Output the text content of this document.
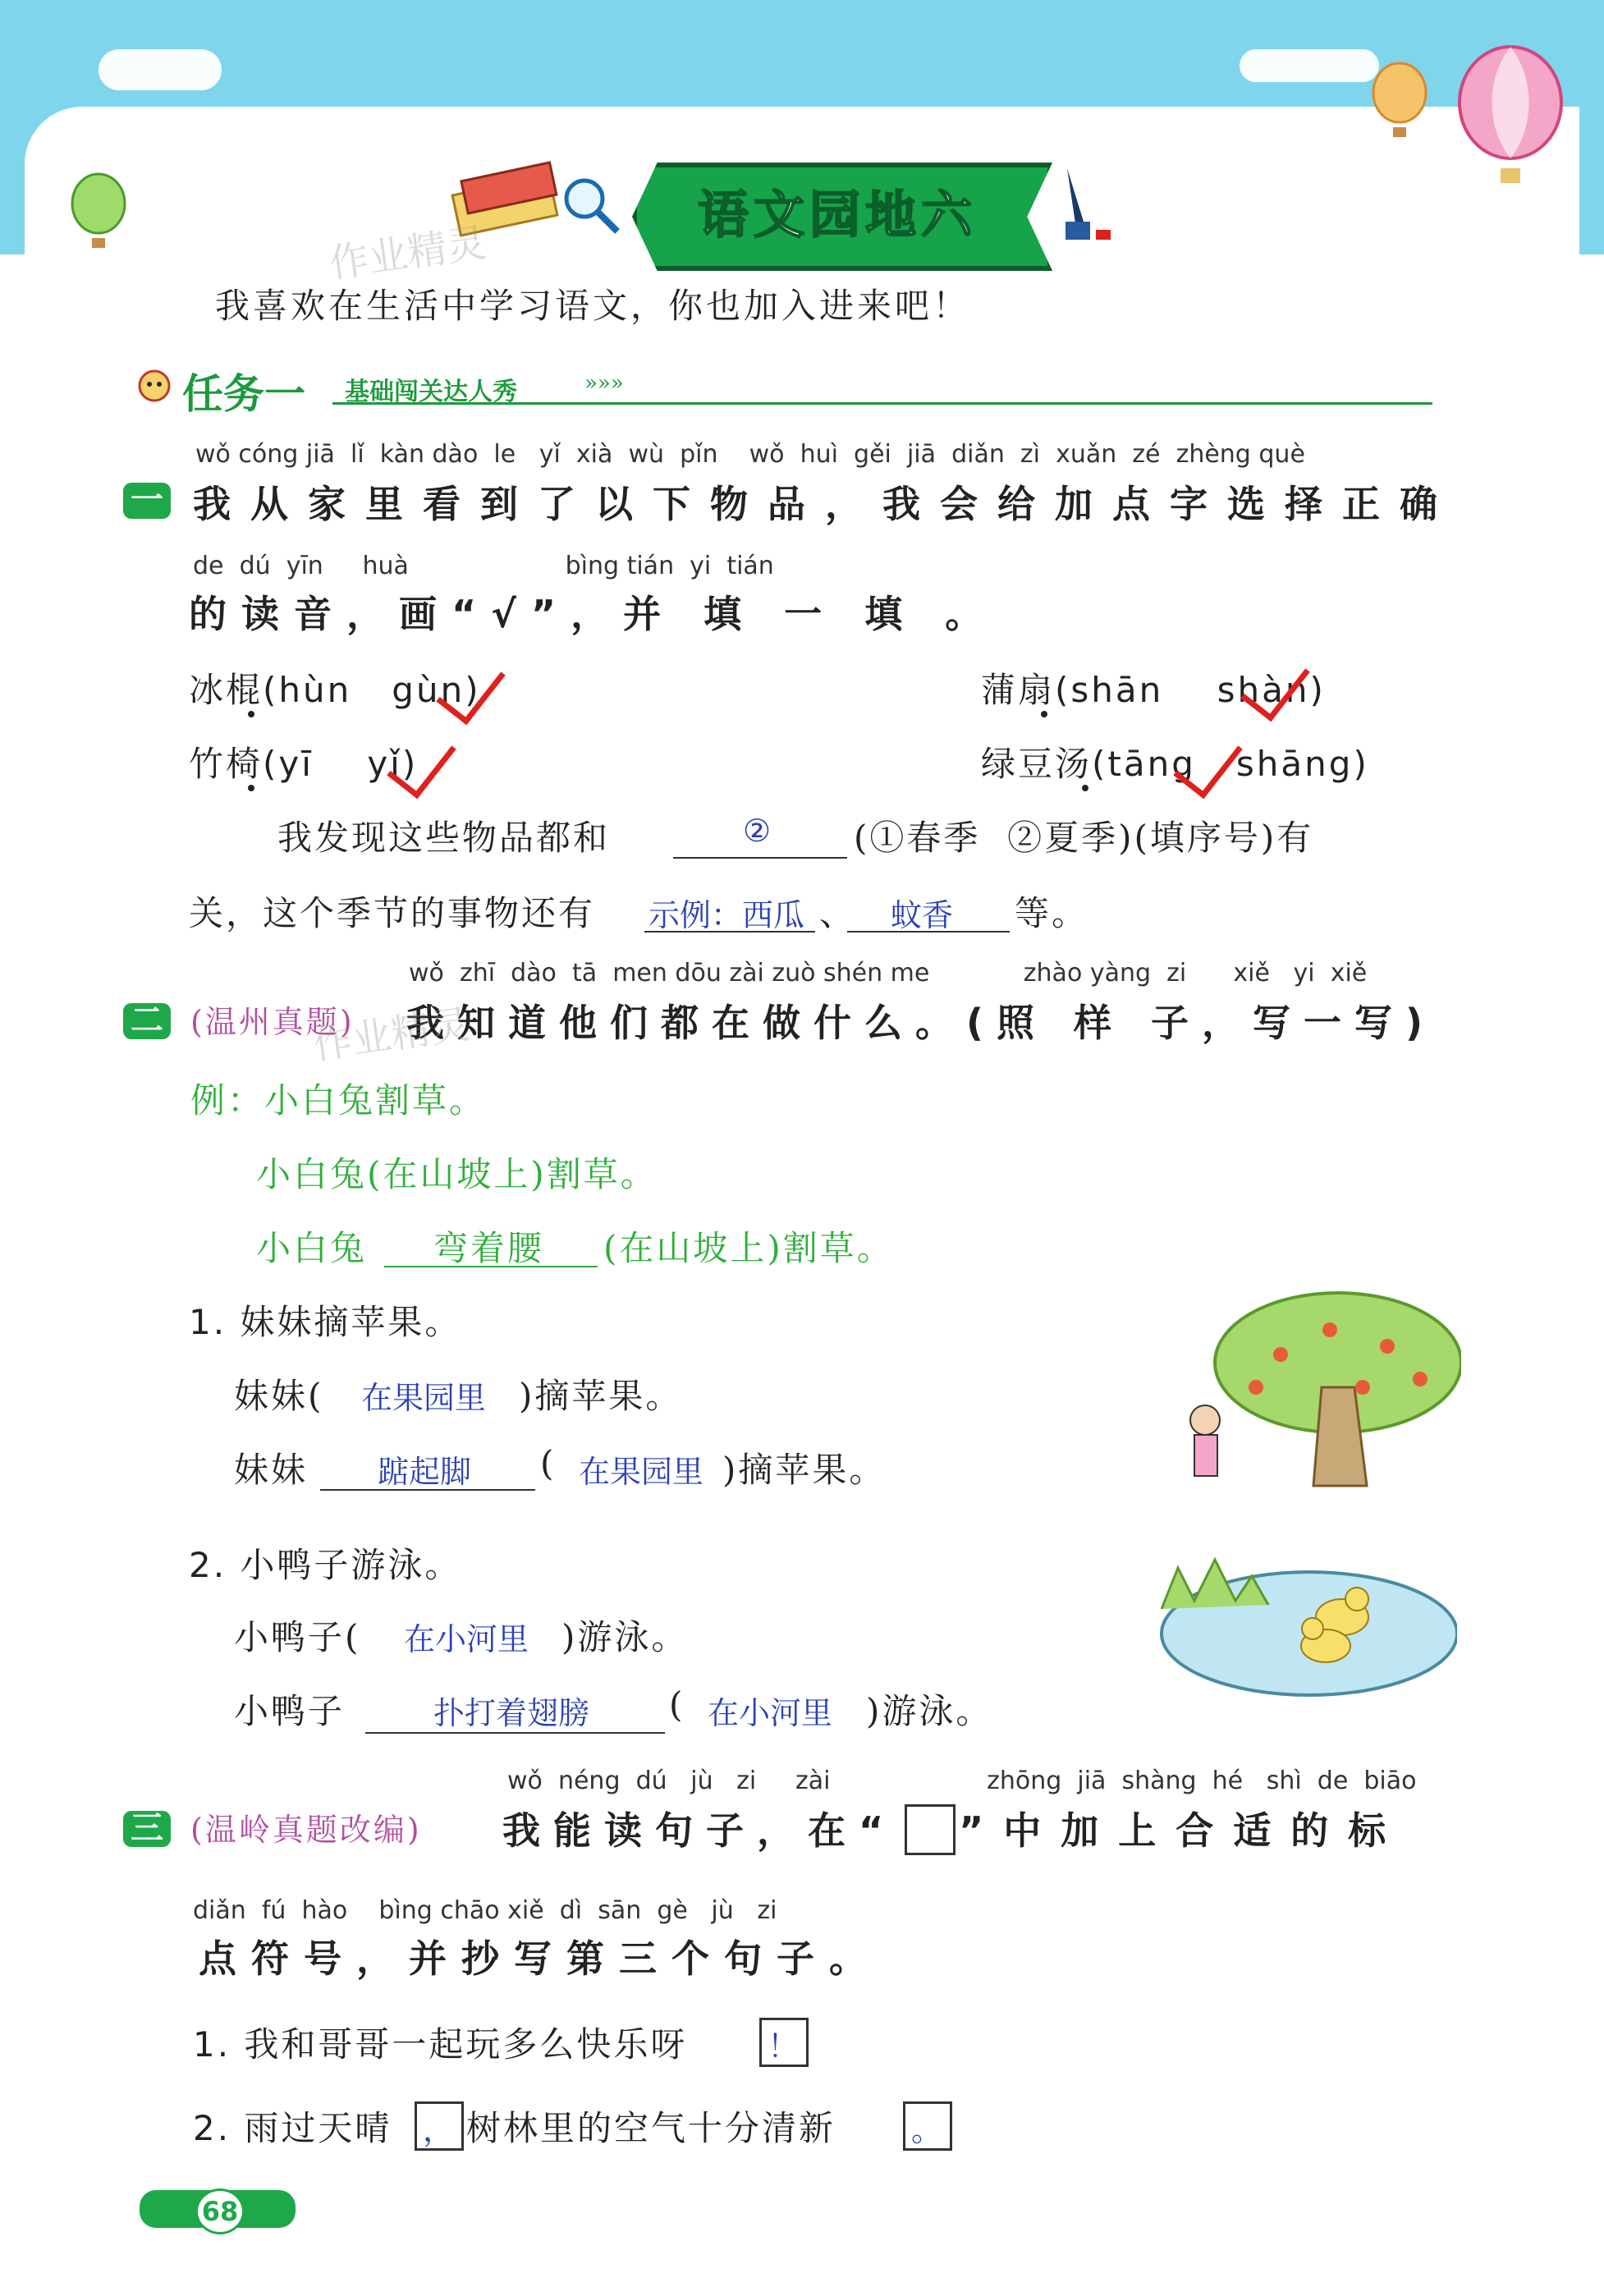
语文园地六
我喜欢在生活中学习语文，你也加入进来吧！
任务一 基础闯关达人秀	»»»
一
wǒ cóng jiā  lǐ  kàn dào  le   yǐ  xià  wù  pǐn    wǒ  huì  gěi  jiā  diǎn  zì  xuǎn  zé  zhèng què
我从家里看到了以下物品，我会给加点字选择正确
de  dú  yīn     huà                    bìng tián  yi  tián
的读音，画“√”，并 填 一 填 。
冰棍(hùn   gùn)	蒲扇(shān    shàn)
竹椅(yī    yǐ)	绿豆汤(tāng   shāng)
我发现这些物品都和	② (①春季  ②夏季)(填序号)有
关，这个季节的事物还有 示例：西瓜 、 蚊香 等。
二
wǒ  zhī  dào  tā  men dōu zài zuò shén me            zhào yàng  zi      xiě   yi  xiě
(温州真题) 我知道他们都在做什么。(照 样 子，写一写)
例：小白兔割草。
小白兔(在山坡上)割草。
小白兔 弯着腰 (在山坡上)割草。
1. 妹妹摘苹果。
妹妹( 在果园里 )摘苹果。
妹妹 踮起脚 ( 在果园里 )摘苹果。
2. 小鸭子游泳。
小鸭子( 在小河里 )游泳。
小鸭子	扑打着翅膀 ( 在小河里 )游泳。
三
wǒ  néng  dú   jù   zi     zài                    zhōng  jiā  shàng  hé   shì  de  biāo
(温岭真题改编) 我能读句子，在“ ”中加上合适的标
diǎn  fú  hào    bìng chāo xiě  dì  sān  gè   jù   zi
点符号，并抄写第三个句子。
1. 我和哥哥一起玩多么快乐呀	！
2. 雨过天晴 ， 树林里的空气十分清新 。
作业精灵
作业精灵
68
